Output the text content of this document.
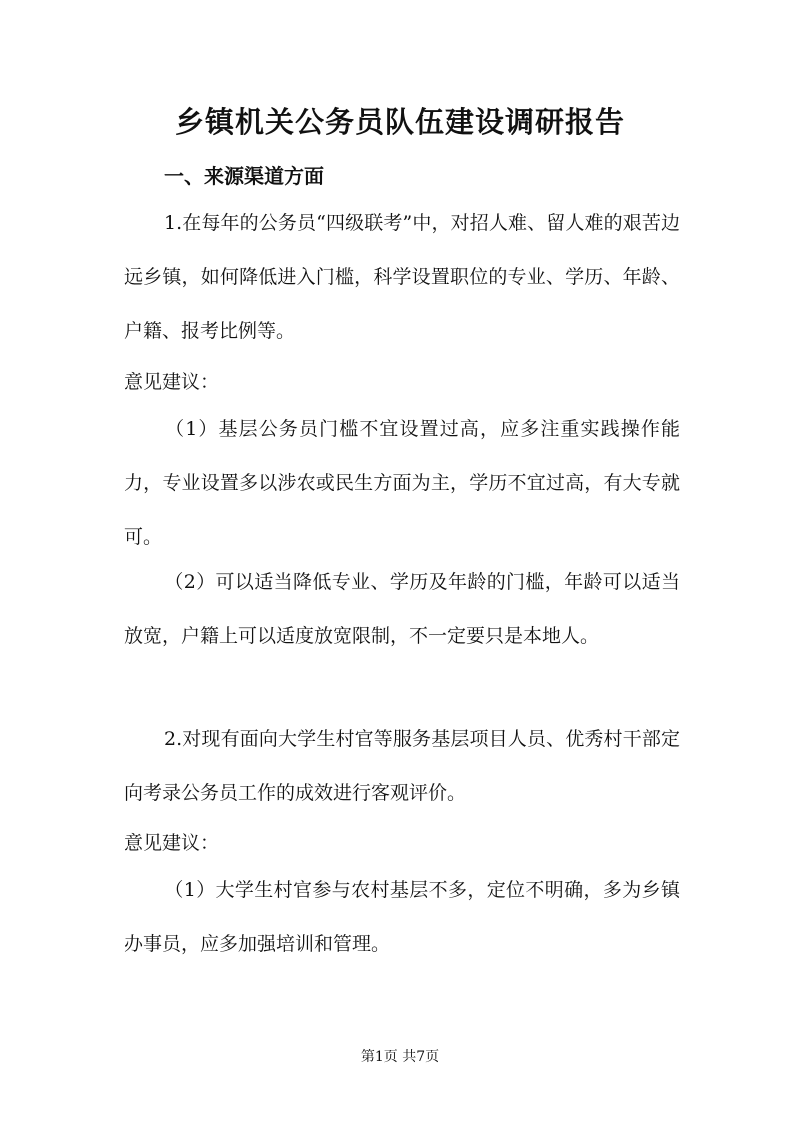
乡镇机关公务员队伍建设调研报告
一、来源渠道方面
1.在每年的公务员“四级联考”中，对招人难、留人难的艰苦边远乡镇，如何降低进入门槛，科学设置职位的专业、学历、年龄、户籍、报考比例等。
意见建议：
（1）基层公务员门槛不宜设置过高，应多注重实践操作能力，专业设置多以涉农或民生方面为主，学历不宜过高，有大专就可。
（2）可以适当降低专业、学历及年龄的门槛，年龄可以适当放宽，户籍上可以适度放宽限制，不一定要只是本地人。
2.对现有面向大学生村官等服务基层项目人员、优秀村干部定向考录公务员工作的成效进行客观评价。
意见建议：
（1）大学生村官参与农村基层不多，定位不明确，多为乡镇办事员，应多加强培训和管理。
第1页 共7页
